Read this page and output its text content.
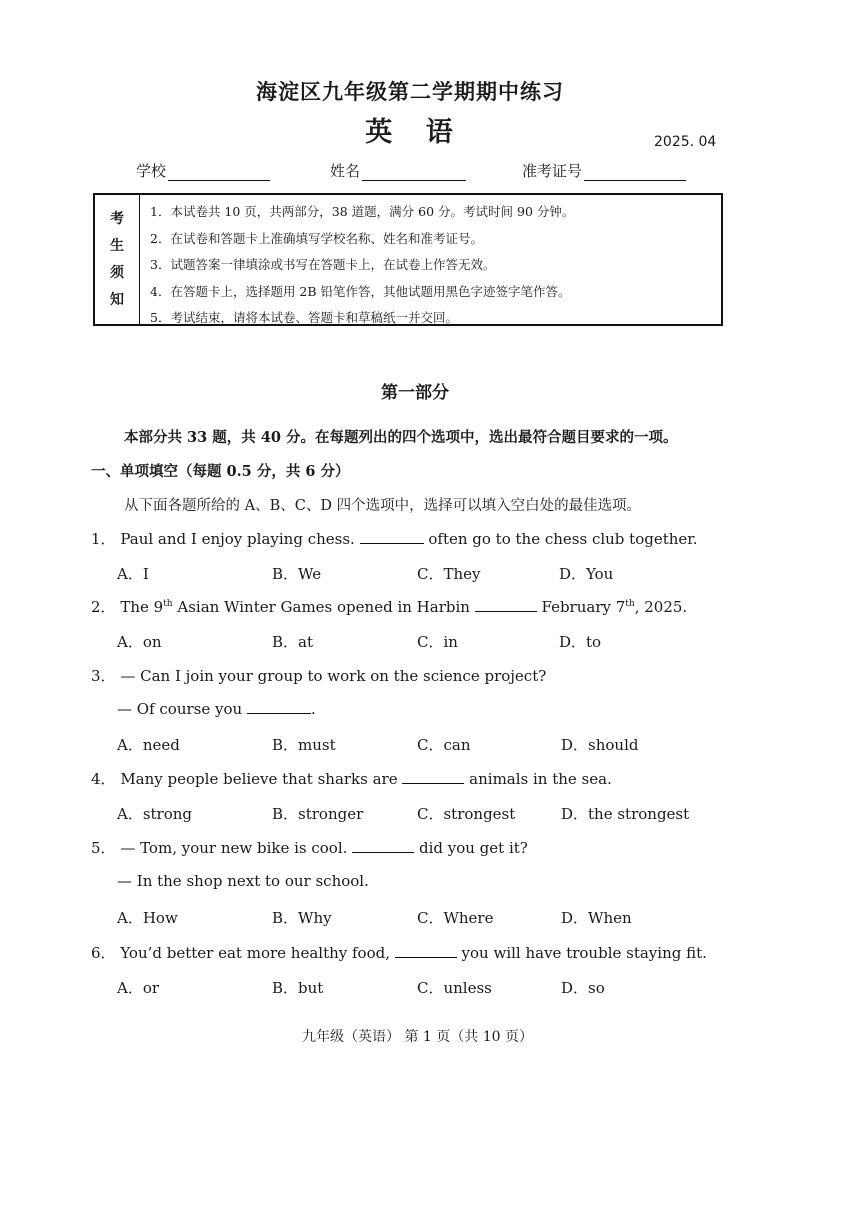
海淀区九年级第二学期期中练习
英 语	2025. 04
学校	姓名	准考证号
考
生
须
知
1．本试卷共 10 页，共两部分，38 道题，满分 60 分。考试时间 90 分钟。
2．在试卷和答题卡上准确填写学校名称、姓名和准考证号。
3．试题答案一律填涂或书写在答题卡上，在试卷上作答无效。
4．在答题卡上，选择题用 2B 铅笔作答，其他试题用黑色字迹签字笔作答。
5．考试结束，请将本试卷、答题卡和草稿纸一并交回。
第一部分
本部分共 33 题，共 40 分。在每题列出的四个选项中，选出最符合题目要求的一项。
一、单项填空（每题 0.5 分，共 6 分）
从下面各题所给的 A、B、C、D 四个选项中，选择可以填入空白处的最佳选项。
1． Paul and I enjoy playing chess.	often go to the chess club together.
A．I	B．We	C．They	D．You
2． The 9th Asian Winter Games opened in Harbin	February 7th, 2025.
A．on	B．at	C．in	D．to
3． — Can I join your group to work on the science project?
— Of course you	.
A．need	B．must	C．can	D．should
4． Many people believe that sharks are	animals in the sea.
A．strong	B．stronger	C．strongest	D．the strongest
5． — Tom, your new bike is cool.	did you get it?
— In the shop next to our school.
A．How	B．Why	C．Where	D．When
6． You’d better eat more healthy food,	you will have trouble staying fit.
A．or	B．but	C．unless	D．so
九年级（英语） 第 1 页（共 10 页）
